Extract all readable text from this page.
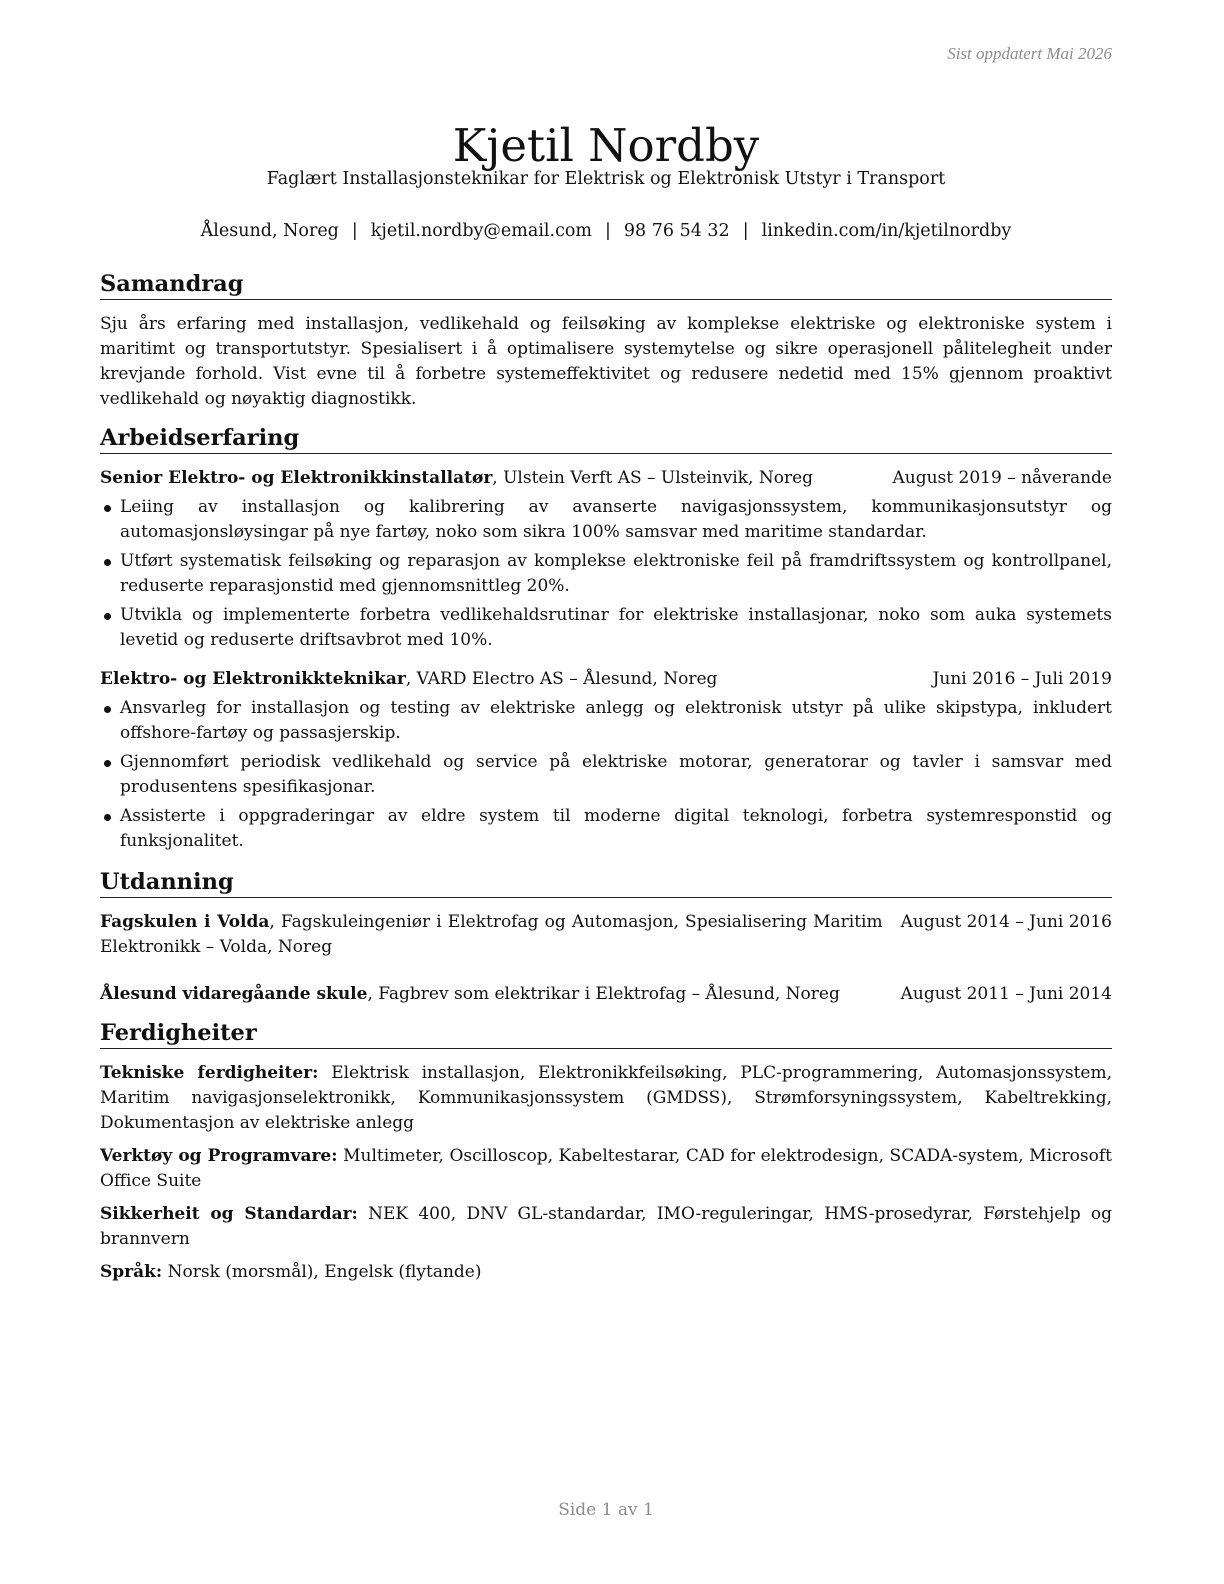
Sist oppdatert Mai 2026
Kjetil Nordby
Faglært Installasjonsteknikar for Elektrisk og Elektronisk Utstyr i Transport
Ålesund, Noreg | kjetil.nordby@email.com | 98 76 54 32 | linkedin.com/in/kjetilnordby
Samandrag

Sju års erfaring med installasjon, vedlikehald og feilsøking av komplekse elektriske og elektroniske system i maritimt og transportutstyr. Spesialisert i å optimalisere systemytelse og sikre operasjonell pålitelegheit under krevjande forhold. Vist evne til å forbetre systemeffektivitet og redusere nedetid med 15% gjennom proaktivt vedlikehald og nøyaktig diagnostikk.

Arbeidserfaring
Senior Elektro- og Elektronikkinstallatør, Ulstein Verft AS – Ulsteinvik, Noreg	August 2019 – nåverande
Leiing av installasjon og kalibrering av avanserte navigasjonssystem, kommunikasjonsutstyr og automasjonsløysingar på nye fartøy, noko som sikra 100% samsvar med maritime standardar.
Utført systematisk feilsøking og reparasjon av komplekse elektroniske feil på framdriftssystem og kontrollpanel, reduserte reparasjonstid med gjennomsnittleg 20%.
Utvikla og implementerte forbetra vedlikehaldsrutinar for elektriske installasjonar, noko som auka systemets levetid og reduserte driftsavbrot med 10%.
Elektro- og Elektronikkteknikar, VARD Electro AS – Ålesund, Noreg	Juni 2016 – Juli 2019
Ansvarleg for installasjon og testing av elektriske anlegg og elektronisk utstyr på ulike skipstypa, inkludert offshore-fartøy og passasjerskip.
Gjennomført periodisk vedlikehald og service på elektriske motorar, generatorar og tavler i samsvar med produsentens spesifikasjonar.
Assisterte i oppgraderingar av eldre system til moderne digital teknologi, forbetra systemresponstid og funksjonalitet.
Utdanning
Fagskulen i Volda, Fagskuleingeniør i Elektrofag og Automasjon, Spesialisering Maritim Elektronikk – Volda, Noreg
August 2014 – Juni 2016
Ålesund vidaregåande skule, Fagbrev som elektrikar i Elektrofag – Ålesund, Noreg	August 2011 – Juni 2014
Ferdigheiter

Tekniske ferdigheiter: Elektrisk installasjon, Elektronikkfeilsøking, PLC-programmering, Automasjonssystem, Maritim navigasjonselektronikk, Kommunikasjonssystem (GMDSS), Strømforsyningssystem, Kabeltrekking, Dokumentasjon av elektriske anlegg

Verktøy og Programvare: Multimeter, Oscilloscop, Kabeltestarar, CAD for elektrodesign, SCADA-system, Microsoft Office Suite

Sikkerheit og Standardar: NEK 400, DNV GL-standardar, IMO-reguleringar, HMS-prosedyrar, Førstehjelp og brannvern

Språk: Norsk (morsmål), Engelsk (flytande)

Side 1 av 1
